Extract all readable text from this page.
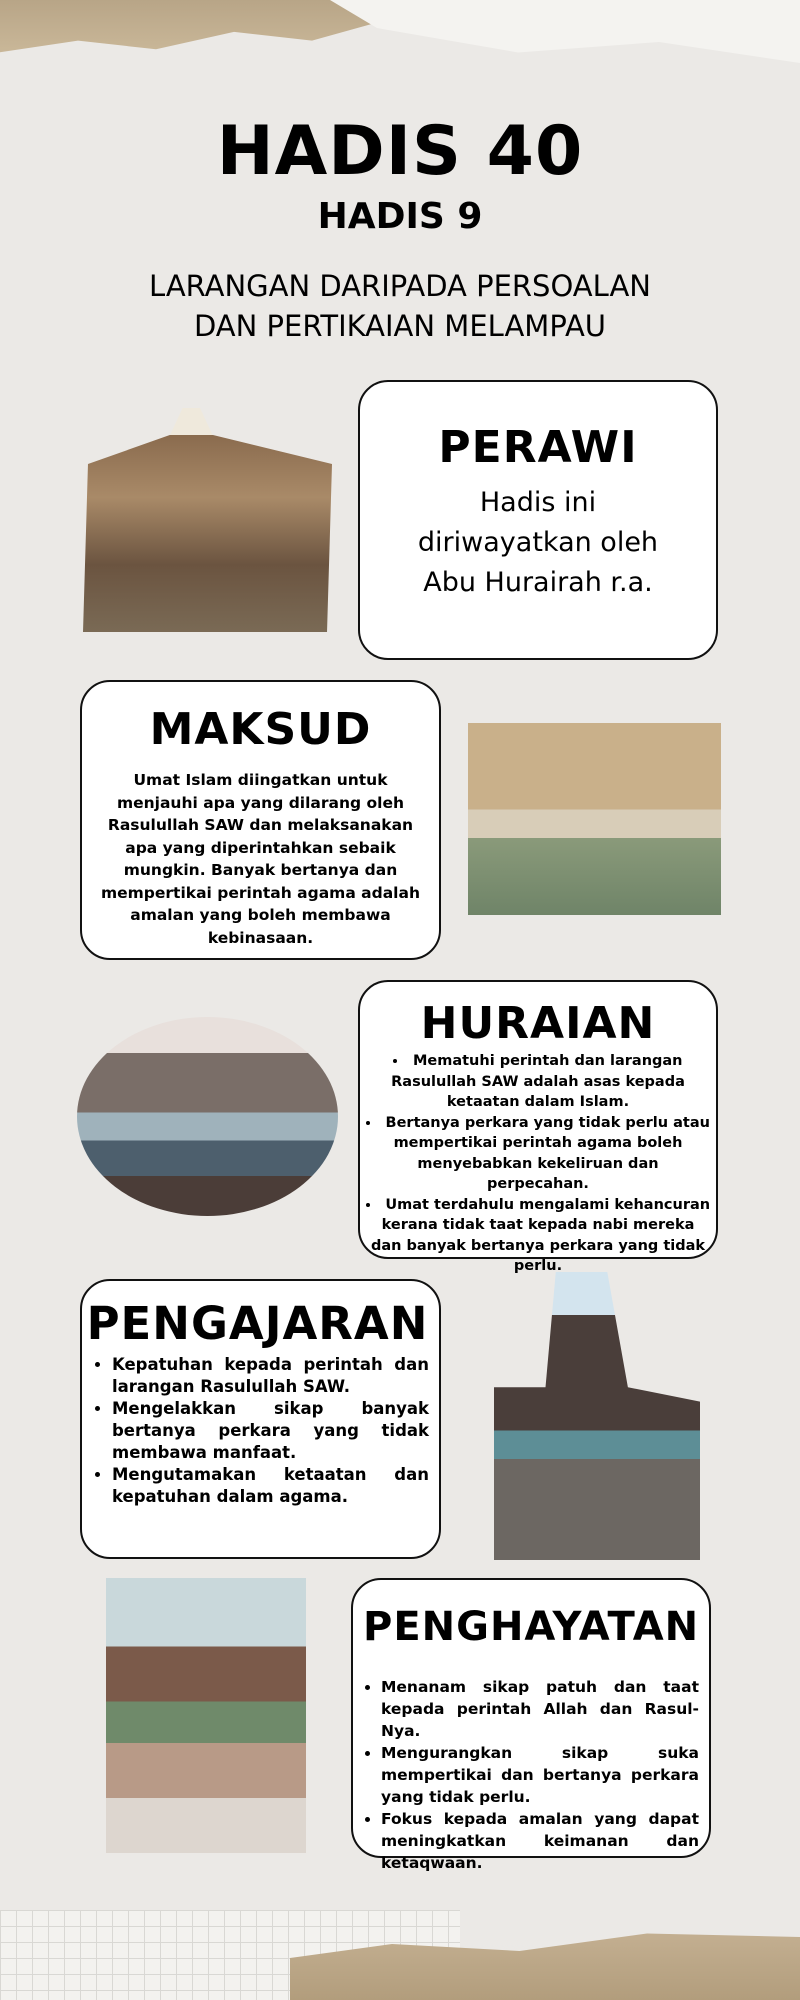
HADIS 40
HADIS 9
LARANGAN DARIPADA PERSOALAN
DAN PERTIKAIAN MELAMPAU
PERAWI

Hadis ini
diriwayatkan oleh
Abu Hurairah r.a.

MAKSUD

Umat Islam diingatkan untuk menjauhi apa yang dilarang oleh Rasulullah SAW dan melaksanakan apa yang diperintahkan sebaik mungkin. Banyak bertanya dan mempertikai perintah agama adalah amalan yang boleh membawa kebinasaan.

HURAIAN
• Mematuhi perintah dan larangan Rasulullah SAW adalah asas kepada ketaatan dalam Islam.
• Bertanya perkara yang tidak perlu atau mempertikai perintah agama boleh menyebabkan kekeliruan dan perpecahan.
• Umat terdahulu mengalami kehancuran kerana tidak taat kepada nabi mereka dan banyak bertanya perkara yang tidak perlu.
PENGAJARAN
• Kepatuhan kepada perintah dan larangan Rasulullah SAW.
• Mengelakkan sikap banyak bertanya perkara yang tidak membawa manfaat.
• Mengutamakan ketaatan dan kepatuhan dalam agama.
PENGHAYATAN
• Menanam sikap patuh dan taat kepada perintah Allah dan Rasul-Nya.
• Mengurangkan sikap suka mempertikai dan bertanya perkara yang tidak perlu.
• Fokus kepada amalan yang dapat meningkatkan keimanan dan ketaqwaan.
